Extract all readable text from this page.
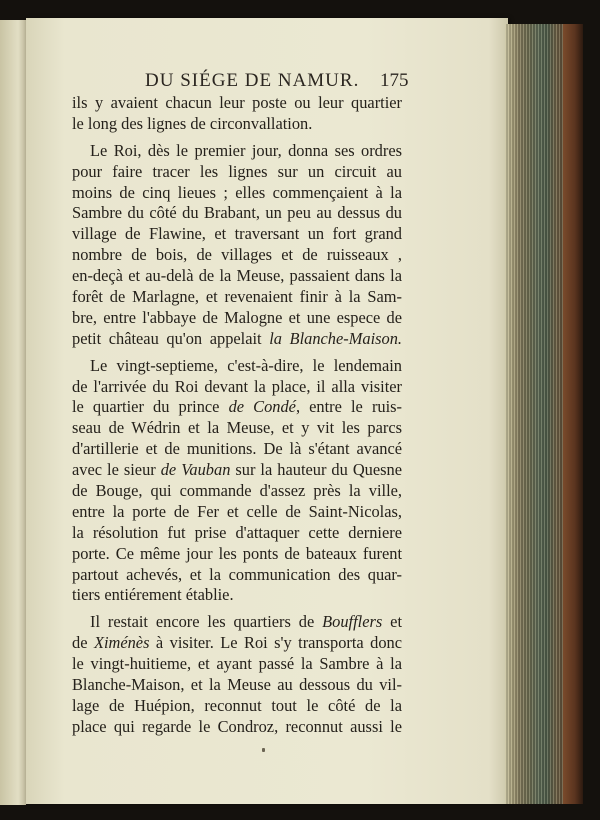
DU SIÉGE DE NAMUR.	175
ils y avaient chacun leur poste ou leur quartier
le long des lignes de circonvallation.
Le Roi, dès le premier jour, donna ses ordres
pour faire tracer les lignes sur un circuit au
moins de cinq lieues ; elles commençaient à la
Sambre du côté du Brabant, un peu au dessus du
village de Flawine, et traversant un fort grand
nombre de bois, de villages et de ruisseaux ,
en-deçà et au-delà de la Meuse, passaient dans la
forêt de Marlagne, et revenaient finir à la Sam-
bre, entre l'abbaye de Malogne et une espece de
petit château qu'on appelait la Blanche-Maison.
Le vingt-septieme, c'est-à-dire, le lendemain
de l'arrivée du Roi devant la place, il alla visiter
le quartier du prince de Condé, entre le ruis-
seau de Wédrin et la Meuse, et y vit les parcs
d'artillerie et de munitions. De là s'étant avancé
avec le sieur de Vauban sur la hauteur du Quesne
de Bouge, qui commande d'assez près la ville,
entre la porte de Fer et celle de Saint-Nicolas,
la résolution fut prise d'attaquer cette derniere
porte. Ce même jour les ponts de bateaux furent
partout achevés, et la communication des quar-
tiers entiérement établie.
Il restait encore les quartiers de Boufflers et
de Ximénès à visiter. Le Roi s'y transporta donc
le vingt-huitieme, et ayant passé la Sambre à la
Blanche-Maison, et la Meuse au dessous du vil-
lage de Huépion, reconnut tout le côté de la
place qui regarde le Condroz, reconnut aussi le
